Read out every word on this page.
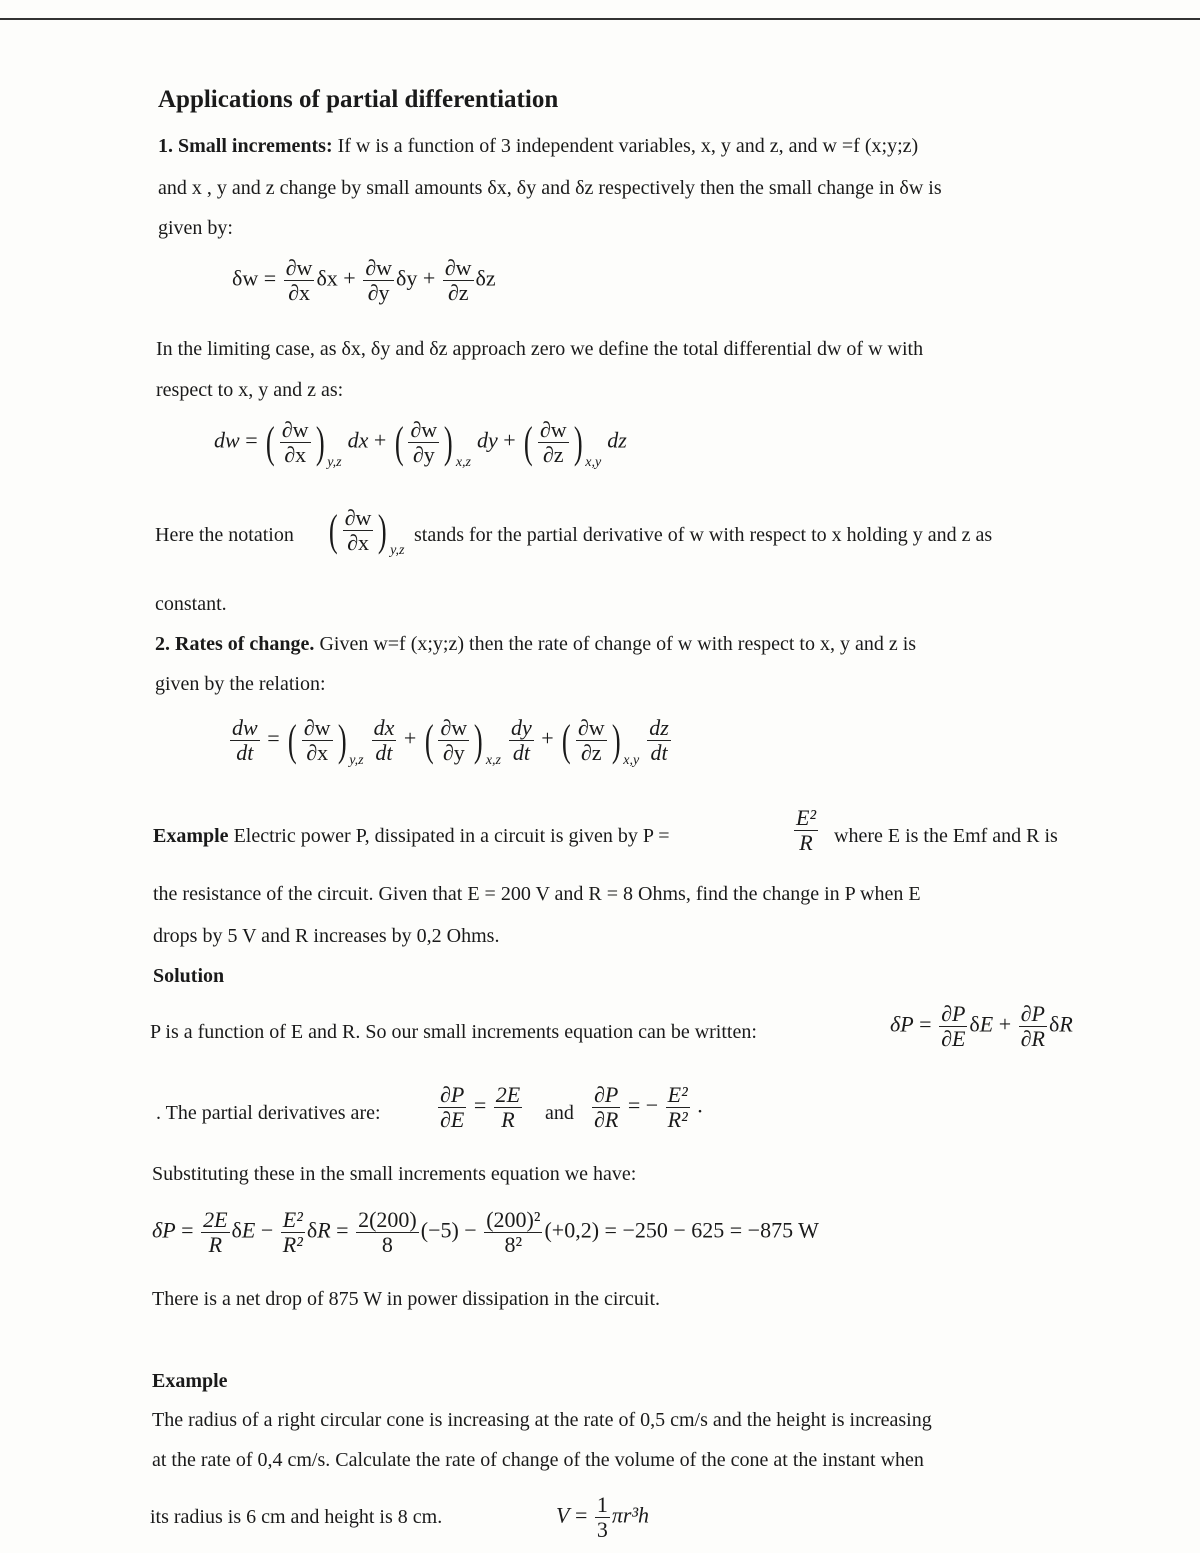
Applications of partial differentiation
1. Small increments: If w is a function of 3 independent variables, x, y and z, and w =f (x;y;z)
and x , y and z change by small amounts δx, δy and δz respectively then the small change in δw is
given by:
$\delta w = \frac{\partial w}{\partial x}$ $\delta x + \frac{\partial w}{\partial y}$ $\delta y + \frac{\partial w}{\partial z}$ δz
In the limiting case, as δx, δy and δz approach zero we define the total differential dw of w with
respect to x, y and z as:
dw = ( $\frac{\partial w}{\partial x}$ ) $_{y,z}$dx + ( $\frac{\partial w}{\partial y}$ ) $_{x,z}$dy + ( $\frac{\partial w}{\partial z}$ ) $_{x,y}$dz
Here the notation ( $\frac{\partial w}{\partial x}$ ) $_{y,z}$
stands for the partial derivative of w with respect to x holding y and z as
constant.
2. Rates of change. Given w=f (x;y;z) then the rate of change of w with respect to x, y and z is
given by the relation:
$\frac{dw}{dt}$ = ( $\frac{\partial w}{\partial x}$ ) $_{y,z} \frac{dx}{dt}$ + ( $\frac{\partial w}{\partial y}$ ) $_{x,z} \frac{dy}{dt}$ + ( $\frac{\partial w}{\partial z}$ ) $_{x,y} \frac{dz}{dt}$
Example Electric power P, dissipated in a circuit is given by P =	$\frac{\text{E²}}{R}$ where E is the Emf and R is
the resistance of the circuit. Given that E = 200 V and R = 8 Ohms, find the change in P when E
drops by 5 V and R increases by 0,2 Ohms.
Solution
P is a function of E and R. So our small increments equation can be written:	$\delta P = \frac{\partial P}{\partial E}$ $\delta E + \frac{\partial P}{\partial R}$ δR
. The partial derivatives are:	$\frac{\partial P}{\partial E} = \frac{2E}{R}$ and $\frac{\partial P}{\partial R}$ = − $\frac{\text{E²}}{\text{R²}}$ .
Substituting these in the small increments equation we have:
$\delta P = \frac{2E}{R}$ $\delta E - \frac{\text{E²}}{\text{R²}}$ $\delta R = \frac{2(200)}{8} (-5) - \frac{\text{(200)²}}{\text{8²}} (+0,2) = -250 - 625 = -875$ W
There is a net drop of 875 W in power dissipation in the circuit.
Example
The radius of a right circular cone is increasing at the rate of 0,5 cm/s and the height is increasing
at the rate of 0,4 cm/s. Calculate the rate of change of the volume of the cone at the instant when
its radius is 6 cm and height is 8 cm.	$V = \frac{1}{3} \pi r^3h$
